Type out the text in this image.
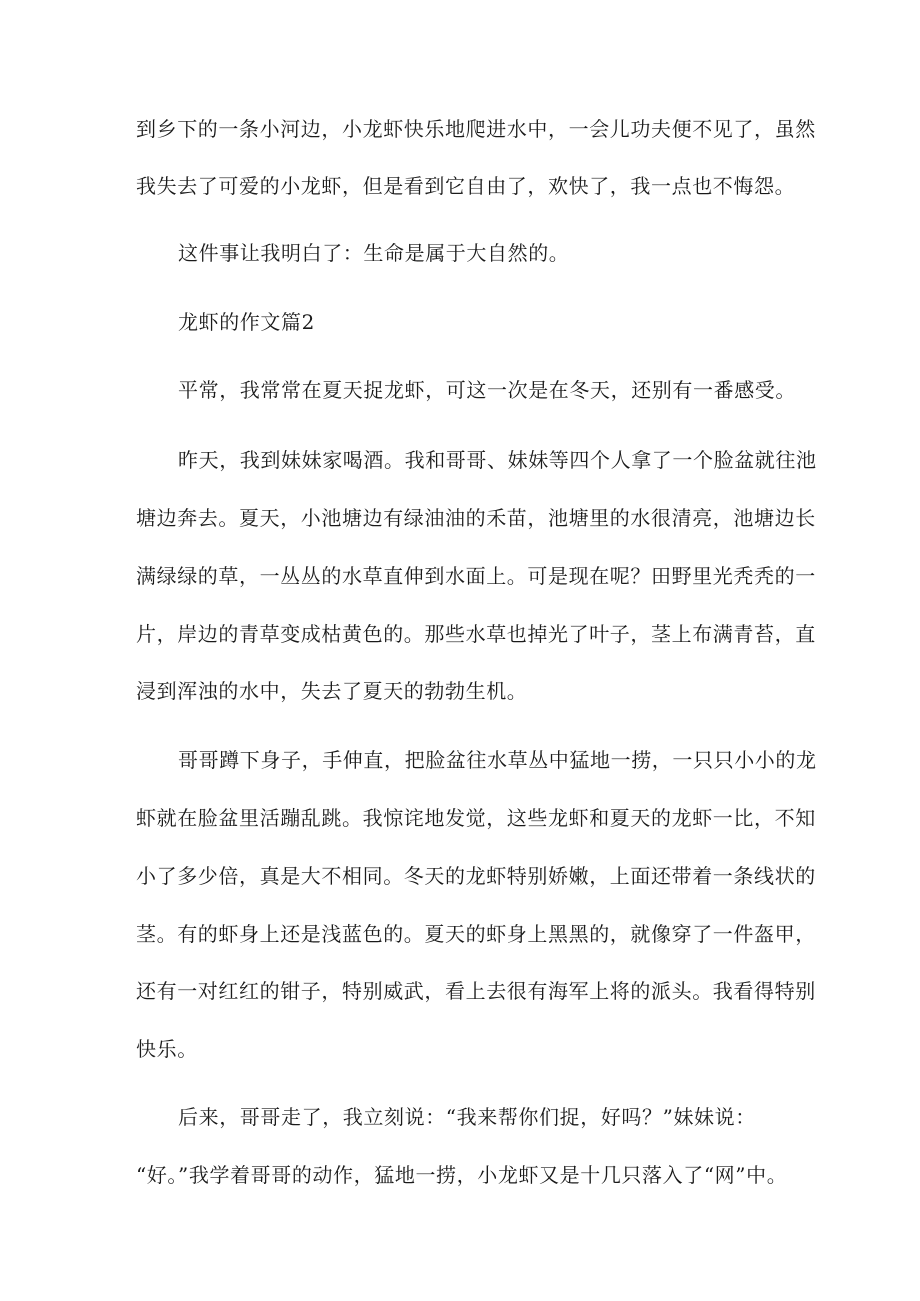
到乡下的一条小河边，小龙虾快乐地爬进水中，一会儿功夫便不见了，虽然
我失去了可爱的小龙虾，但是看到它自由了，欢快了，我一点也不悔怨。
这件事让我明白了：生命是属于大自然的。
龙虾的作文篇2
平常，我常常在夏天捉龙虾，可这一次是在冬天，还别有一番感受。
昨天，我到妹妹家喝酒。我和哥哥、妹妹等四个人拿了一个脸盆就往池
塘边奔去。夏天，小池塘边有绿油油的禾苗，池塘里的水很清亮，池塘边长
满绿绿的草，一丛丛的水草直伸到水面上。可是现在呢？田野里光秃秃的一
片，岸边的青草变成枯黄色的。那些水草也掉光了叶子，茎上布满青苔，直
浸到浑浊的水中，失去了夏天的勃勃生机。
哥哥蹲下身子，手伸直，把脸盆往水草丛中猛地一捞，一只只小小的龙
虾就在脸盆里活蹦乱跳。我惊诧地发觉，这些龙虾和夏天的龙虾一比，不知
小了多少倍，真是大不相同。冬天的龙虾特别娇嫩，上面还带着一条线状的
茎。有的虾身上还是浅蓝色的。夏天的虾身上黑黑的，就像穿了一件盔甲，
还有一对红红的钳子，特别威武，看上去很有海军上将的派头。我看得特别
快乐。
后来，哥哥走了，我立刻说：“我来帮你们捉，好吗？”妹妹说：
“好。”我学着哥哥的动作，猛地一捞，小龙虾又是十几只落入了“网”中。
